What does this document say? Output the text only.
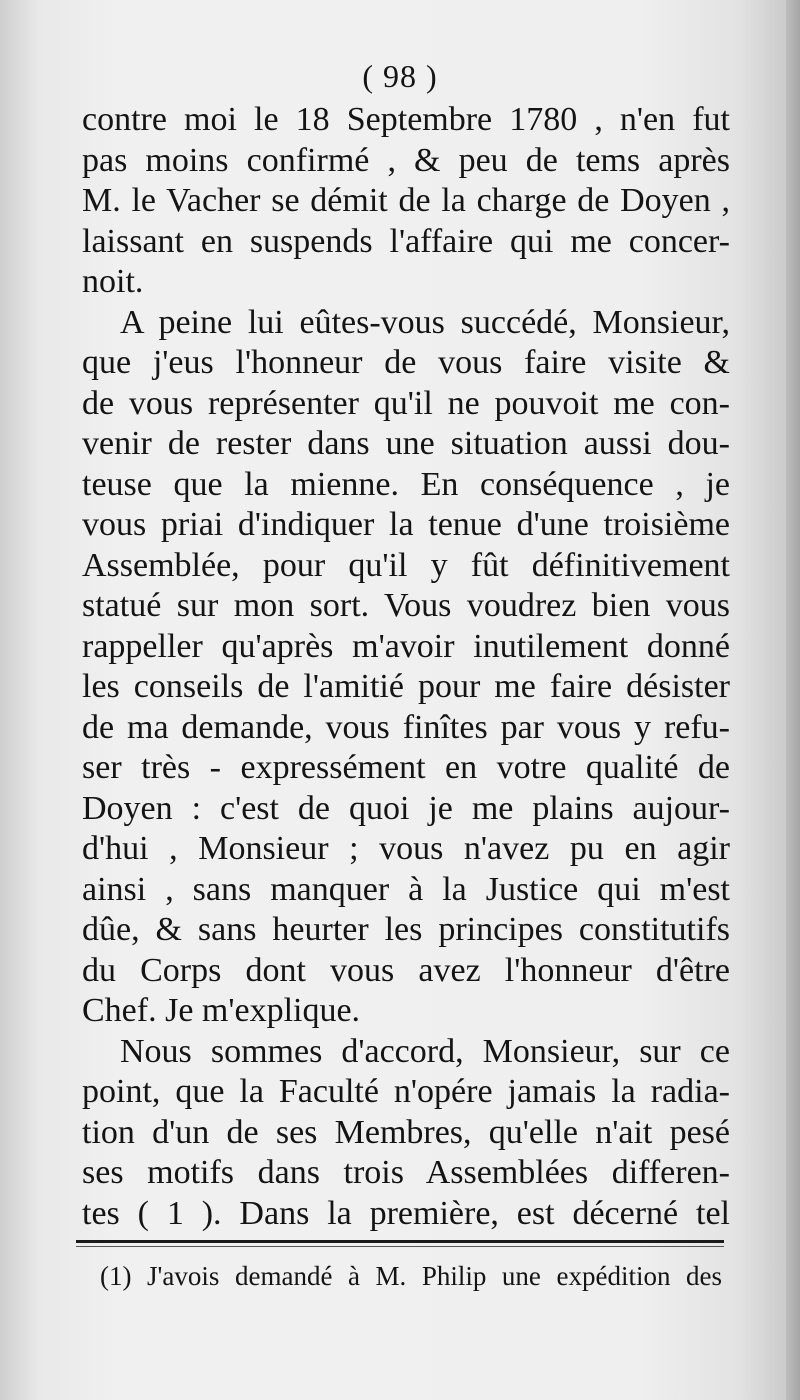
( 98 )
contre moi le 18 Septembre 1780 , n'en fut
pas moins confirmé , & peu de tems après
M. le Vacher se démit de la charge de Doyen ,
laissant en suspends l'affaire qui me concer-
noit.
A peine lui eûtes-vous succédé, Monsieur,
que j'eus l'honneur de vous faire visite &
de vous représenter qu'il ne pouvoit me con-
venir de rester dans une situation aussi dou-
teuse que la mienne. En conséquence , je
vous priai d'indiquer la tenue d'une troisième
Assemblée, pour qu'il y fût définitivement
statué sur mon sort. Vous voudrez bien vous
rappeller qu'après m'avoir inutilement donné
les conseils de l'amitié pour me faire désister
de ma demande, vous finîtes par vous y refu-
ser très - expressément en votre qualité de
Doyen : c'est de quoi je me plains aujour-
d'hui , Monsieur ; vous n'avez pu en agir
ainsi , sans manquer à la Justice qui m'est
dûe, & sans heurter les principes constitutifs
du Corps dont vous avez l'honneur d'être
Chef. Je m'explique.
Nous sommes d'accord, Monsieur, sur ce
point, que la Faculté n'opére jamais la radia-
tion d'un de ses Membres, qu'elle n'ait pesé
ses motifs dans trois Assemblées differen-
tes ( 1 ). Dans la première, est décerné tel
(1) J'avois demandé à M. Philip une expédition des
